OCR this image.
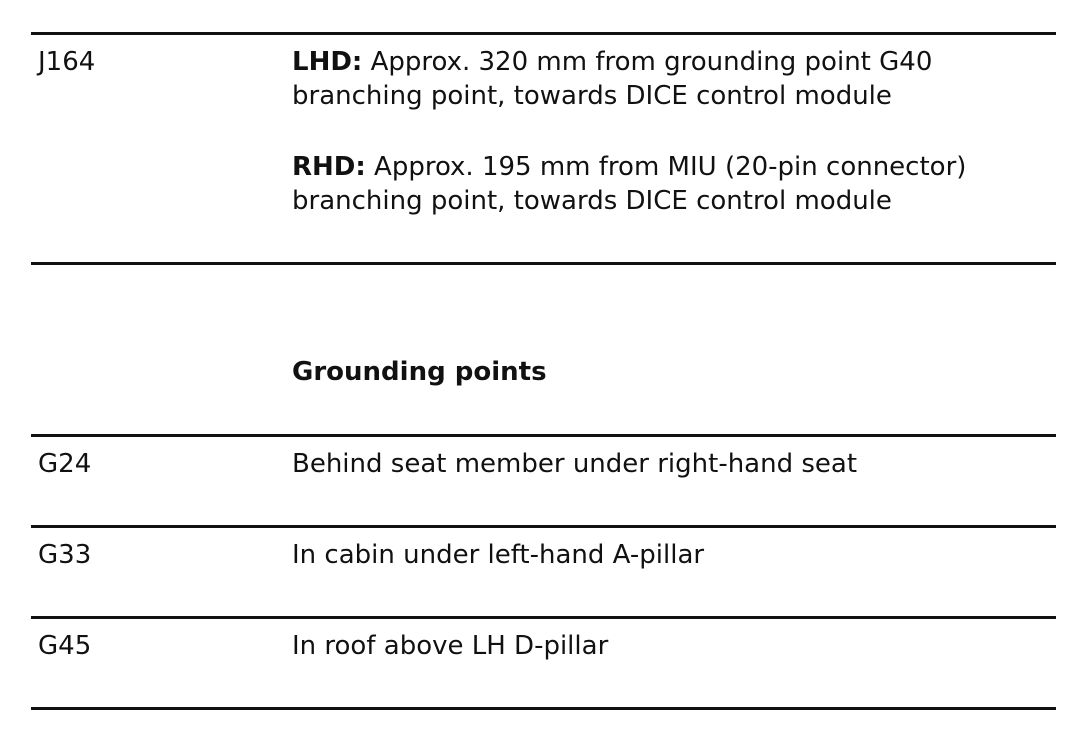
J164	LHD: Approx. 320 mm from grounding point G40
branching point, towards DICE control module
RHD: Approx. 195 mm from MIU (20-pin connector)
branching point, towards DICE control module
Grounding points
G24	Behind seat member under right-hand seat
G33	In cabin under left-hand A-pillar
G45	In roof above LH D-pillar
